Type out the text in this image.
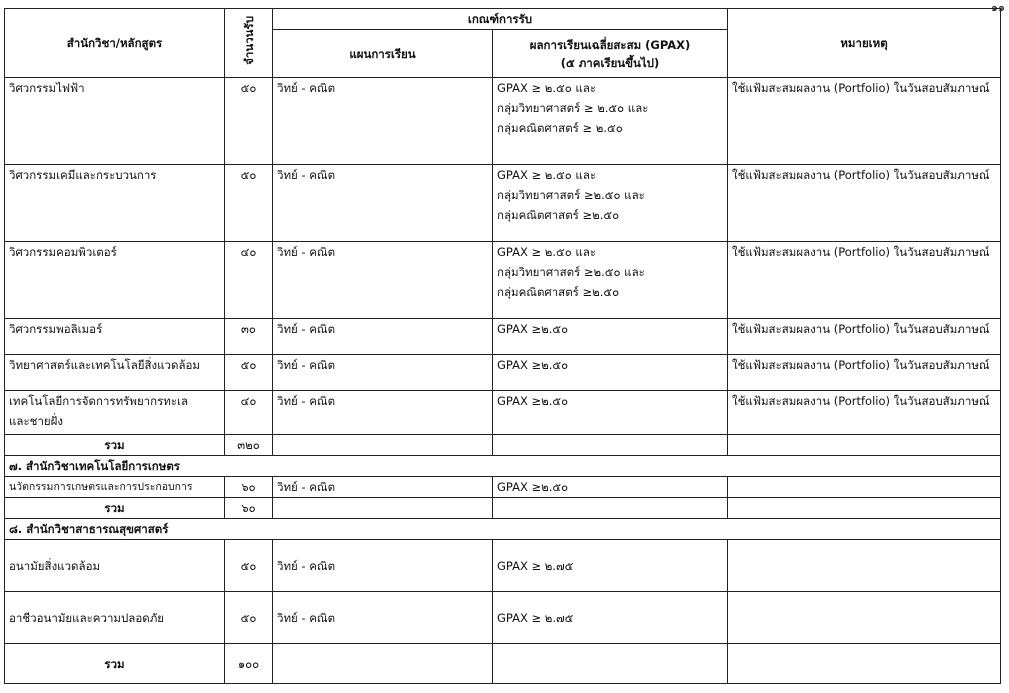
๑๑
สำนักวิชา/หลักสูตร	จำนวนรับ	เกณฑ์การรับ		หมายเหตุ
		แผนการเรียน	ผลการเรียนเฉลี่ยสะสม (GPAX)
(๕ ภาคเรียนขึ้นไป)	

วิศวกรรมไฟฟ้า	๕๐	วิทย์ - คณิต	GPAX ≥ ๒.๕๐ และ
กลุ่มวิทยาศาสตร์ ≥ ๒.๕๐ และ
กลุ่มคณิตศาสตร์ ≥ ๒.๕๐	ใช้แฟ้มสะสมผลงาน (Portfolio) ในวันสอบสัมภาษณ์
วิศวกรรมเคมีและกระบวนการ	๕๐	วิทย์ - คณิต	GPAX ≥ ๒.๕๐ และ
กลุ่มวิทยาศาสตร์ ≥๒.๕๐ และ
กลุ่มคณิตศาสตร์ ≥๒.๕๐	ใช้แฟ้มสะสมผลงาน (Portfolio) ในวันสอบสัมภาษณ์
วิศวกรรมคอมพิวเตอร์	๔๐	วิทย์ - คณิต	GPAX ≥ ๒.๕๐ และ
กลุ่มวิทยาศาสตร์ ≥๒.๕๐ และ
กลุ่มคณิตศาสตร์ ≥๒.๕๐	ใช้แฟ้มสะสมผลงาน (Portfolio) ในวันสอบสัมภาษณ์
วิศวกรรมพอลิเมอร์	๓๐	วิทย์ - คณิต	GPAX ≥๒.๕๐	ใช้แฟ้มสะสมผลงาน (Portfolio) ในวันสอบสัมภาษณ์
วิทยาศาสตร์และเทคโนโลยีสิ่งแวดล้อม	๕๐	วิทย์ - คณิต	GPAX ≥๒.๕๐	ใช้แฟ้มสะสมผลงาน (Portfolio) ในวันสอบสัมภาษณ์

เทคโนโลยีการจัดการทรัพยากรทะเล
และชายฝั่ง	๔๐	วิทย์ - คณิต	GPAX ≥๒.๕๐	ใช้แฟ้มสะสมผลงาน (Portfolio) ในวันสอบสัมภาษณ์
รวม	๓๒๐			
๗. สำนักวิชาเทคโนโลยีการเกษตร				
นวัตกรรมการเกษตรและการประกอบการ	๖๐	วิทย์ - คณิต	GPAX ≥๒.๕๐	
รวม	๖๐			
๘. สำนักวิชาสาธารณสุขศาสตร์				
อนามัยสิ่งแวดล้อม	๕๐	วิทย์ - คณิต	GPAX ≥ ๒.๗๕	
อาชีวอนามัยและความปลอดภัย	๕๐	วิทย์ - คณิต	GPAX ≥ ๒.๗๕	
รวม	๑๐๐			
